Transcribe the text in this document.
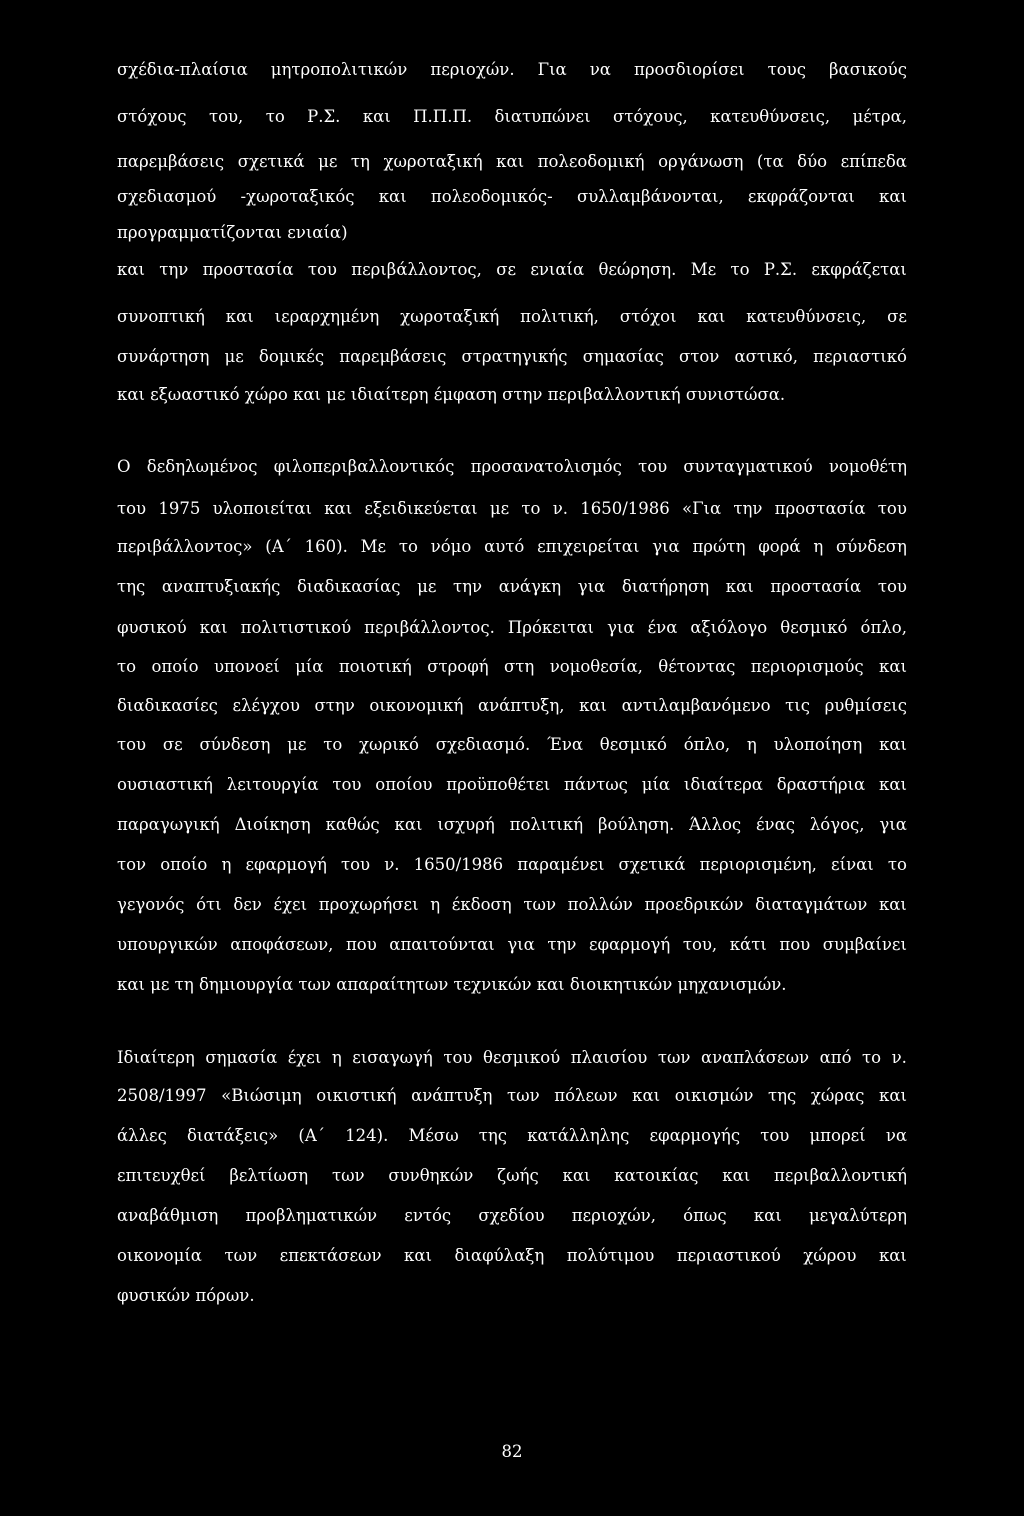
σχέδια-πλαίσια μητροπολιτικών περιοχών. Για να προσδιορίσει τους βασικούς

στόχους του, το Ρ.Σ. και Π.Π.Π. διατυπώνει στόχους, κατευθύνσεις, μέτρα,

παρεμβάσεις σχετικά με τη χωροταξική και πολεοδομική οργάνωση (τα δύο επίπεδα

σχεδιασμού -χωροταξικός και πολεοδομικός- συλλαμβάνονται, εκφράζονται και

προγραμματίζονται ενιαία)

και την προστασία του περιβάλλοντος, σε ενιαία θεώρηση. Με το Ρ.Σ. εκφράζεται

συνοπτική και ιεραρχημένη χωροταξική πολιτική, στόχοι και κατευθύνσεις, σε

συνάρτηση με δομικές παρεμβάσεις στρατηγικής σημασίας στον αστικό, περιαστικό

και εξωαστικό χώρο και με ιδιαίτερη έμφαση στην περιβαλλοντική συνιστώσα.

Ο δεδηλωμένος φιλοπεριβαλλοντικός προσανατολισμός του συνταγματικού νομοθέτη

του 1975 υλοποιείται και εξειδικεύεται με το ν. 1650/1986 «Για την προστασία του

περιβάλλοντος» (Α΄ 160). Με το νόμο αυτό επιχειρείται για πρώτη φορά η σύνδεση

της αναπτυξιακής διαδικασίας με την ανάγκη για διατήρηση και προστασία του

φυσικού και πολιτιστικού περιβάλλοντος. Πρόκειται για ένα αξιόλογο θεσμικό όπλο,

το οποίο υπονοεί μία ποιοτική στροφή στη νομοθεσία, θέτοντας περιορισμούς και

διαδικασίες ελέγχου στην οικονομική ανάπτυξη, και αντιλαμβανόμενο τις ρυθμίσεις

του σε σύνδεση με το χωρικό σχεδιασμό. Ένα θεσμικό όπλο, η υλοποίηση και

ουσιαστική λειτουργία του οποίου προϋποθέτει πάντως μία ιδιαίτερα δραστήρια και

παραγωγική Διοίκηση καθώς και ισχυρή πολιτική βούληση. Άλλος ένας λόγος, για

τον οποίο η εφαρμογή του ν. 1650/1986 παραμένει σχετικά περιορισμένη, είναι το

γεγονός ότι δεν έχει προχωρήσει η έκδοση των πολλών προεδρικών διαταγμάτων και

υπουργικών αποφάσεων, που απαιτούνται για την εφαρμογή του, κάτι που συμβαίνει

και με τη δημιουργία των απαραίτητων τεχνικών και διοικητικών μηχανισμών.

Ιδιαίτερη σημασία έχει η εισαγωγή του θεσμικού πλαισίου των αναπλάσεων από το ν.

2508/1997 «Βιώσιμη οικιστική ανάπτυξη των πόλεων και οικισμών της χώρας και

άλλες διατάξεις» (Α΄ 124). Μέσω της κατάλληλης εφαρμογής του μπορεί να

επιτευχθεί βελτίωση των συνθηκών ζωής και κατοικίας και περιβαλλοντική

αναβάθμιση προβληματικών εντός σχεδίου περιοχών, όπως και μεγαλύτερη

οικονομία των επεκτάσεων και διαφύλαξη πολύτιμου περιαστικού χώρου και

φυσικών πόρων.

82
